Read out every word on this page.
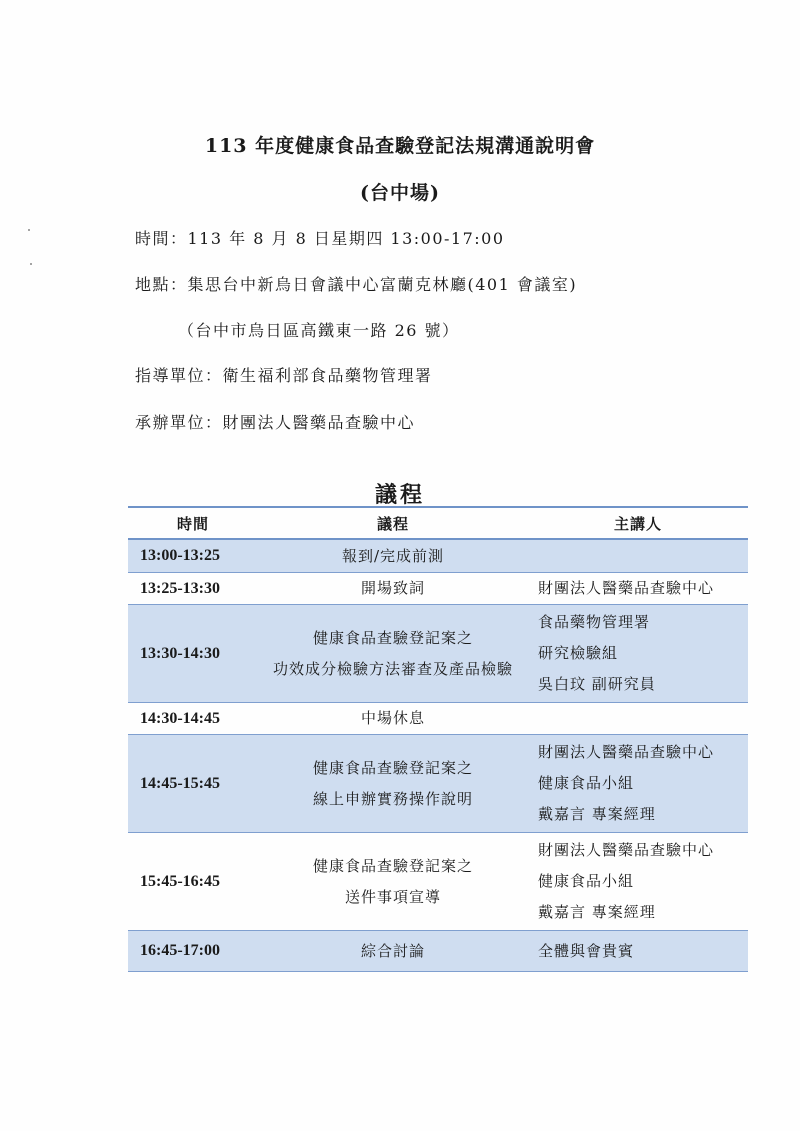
113 年度健康食品查驗登記法規溝通說明會
(台中場)
時間：113 年 8 月 8 日星期四 13:00-17:00
地點：集思台中新烏日會議中心富蘭克林廳(401 會議室)
（台中市烏日區高鐵東一路 26 號）
指導單位：衛生福利部食品藥物管理署
承辦單位：財團法人醫藥品查驗中心
議程
時間	議程	主講人
13:00-13:25	報到/完成前測	

13:25-13:30	開場致詞	財團法人醫藥品查驗中心

13:30-14:30	健康食品查驗登記案之
功效成分檢驗方法審查及產品檢驗	食品藥物管理署
研究檢驗組
吳白玟 副研究員

14:30-14:45	中場休息	

14:45-15:45	健康食品查驗登記案之
線上申辦實務操作說明	財團法人醫藥品查驗中心
健康食品小組
戴嘉言 專案經理

15:45-16:45	健康食品查驗登記案之
送件事項宣導	財團法人醫藥品查驗中心
健康食品小組
戴嘉言 專案經理

16:45-17:00	綜合討論	全體與會貴賓
